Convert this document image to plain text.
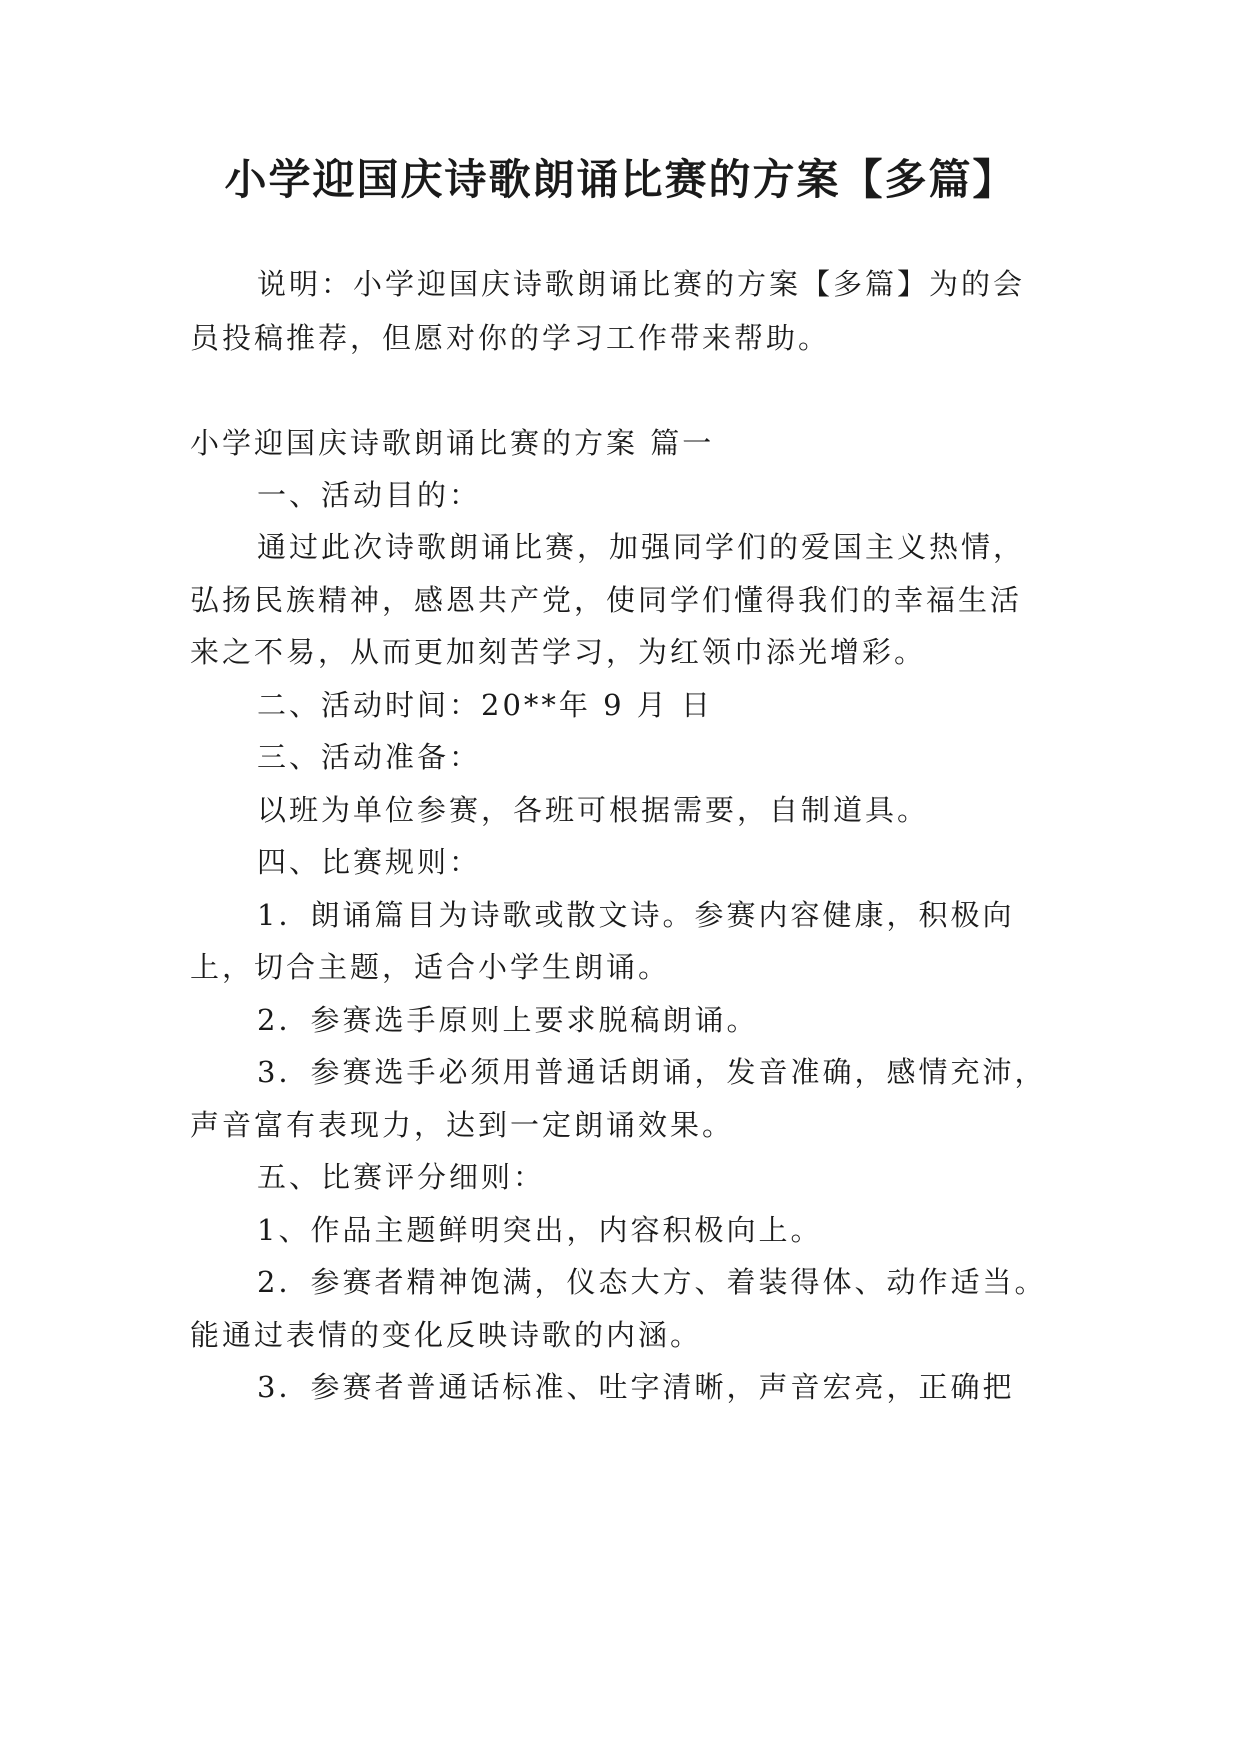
小学迎国庆诗歌朗诵比赛的方案【多篇】
说明：小学迎国庆诗歌朗诵比赛的方案【多篇】为的会
员投稿推荐，但愿对你的学习工作带来帮助。
小学迎国庆诗歌朗诵比赛的方案 篇一
一、活动目的：
通过此次诗歌朗诵比赛，加强同学们的爱国主义热情，
弘扬民族精神，感恩共产党，使同学们懂得我们的幸福生活
来之不易，从而更加刻苦学习，为红领巾添光增彩。
二、活动时间：20**年 9 月 日
三、活动准备：
以班为单位参赛，各班可根据需要，自制道具。
四、比赛规则：
1．朗诵篇目为诗歌或散文诗。参赛内容健康，积极向
上，切合主题，适合小学生朗诵。
2．参赛选手原则上要求脱稿朗诵。
3．参赛选手必须用普通话朗诵，发音准确，感情充沛，
声音富有表现力，达到一定朗诵效果。
五、比赛评分细则：
1、作品主题鲜明突出，内容积极向上。
2．参赛者精神饱满，仪态大方、着装得体、动作适当。
能通过表情的变化反映诗歌的内涵。
3．参赛者普通话标准、吐字清晰，声音宏亮，正确把
